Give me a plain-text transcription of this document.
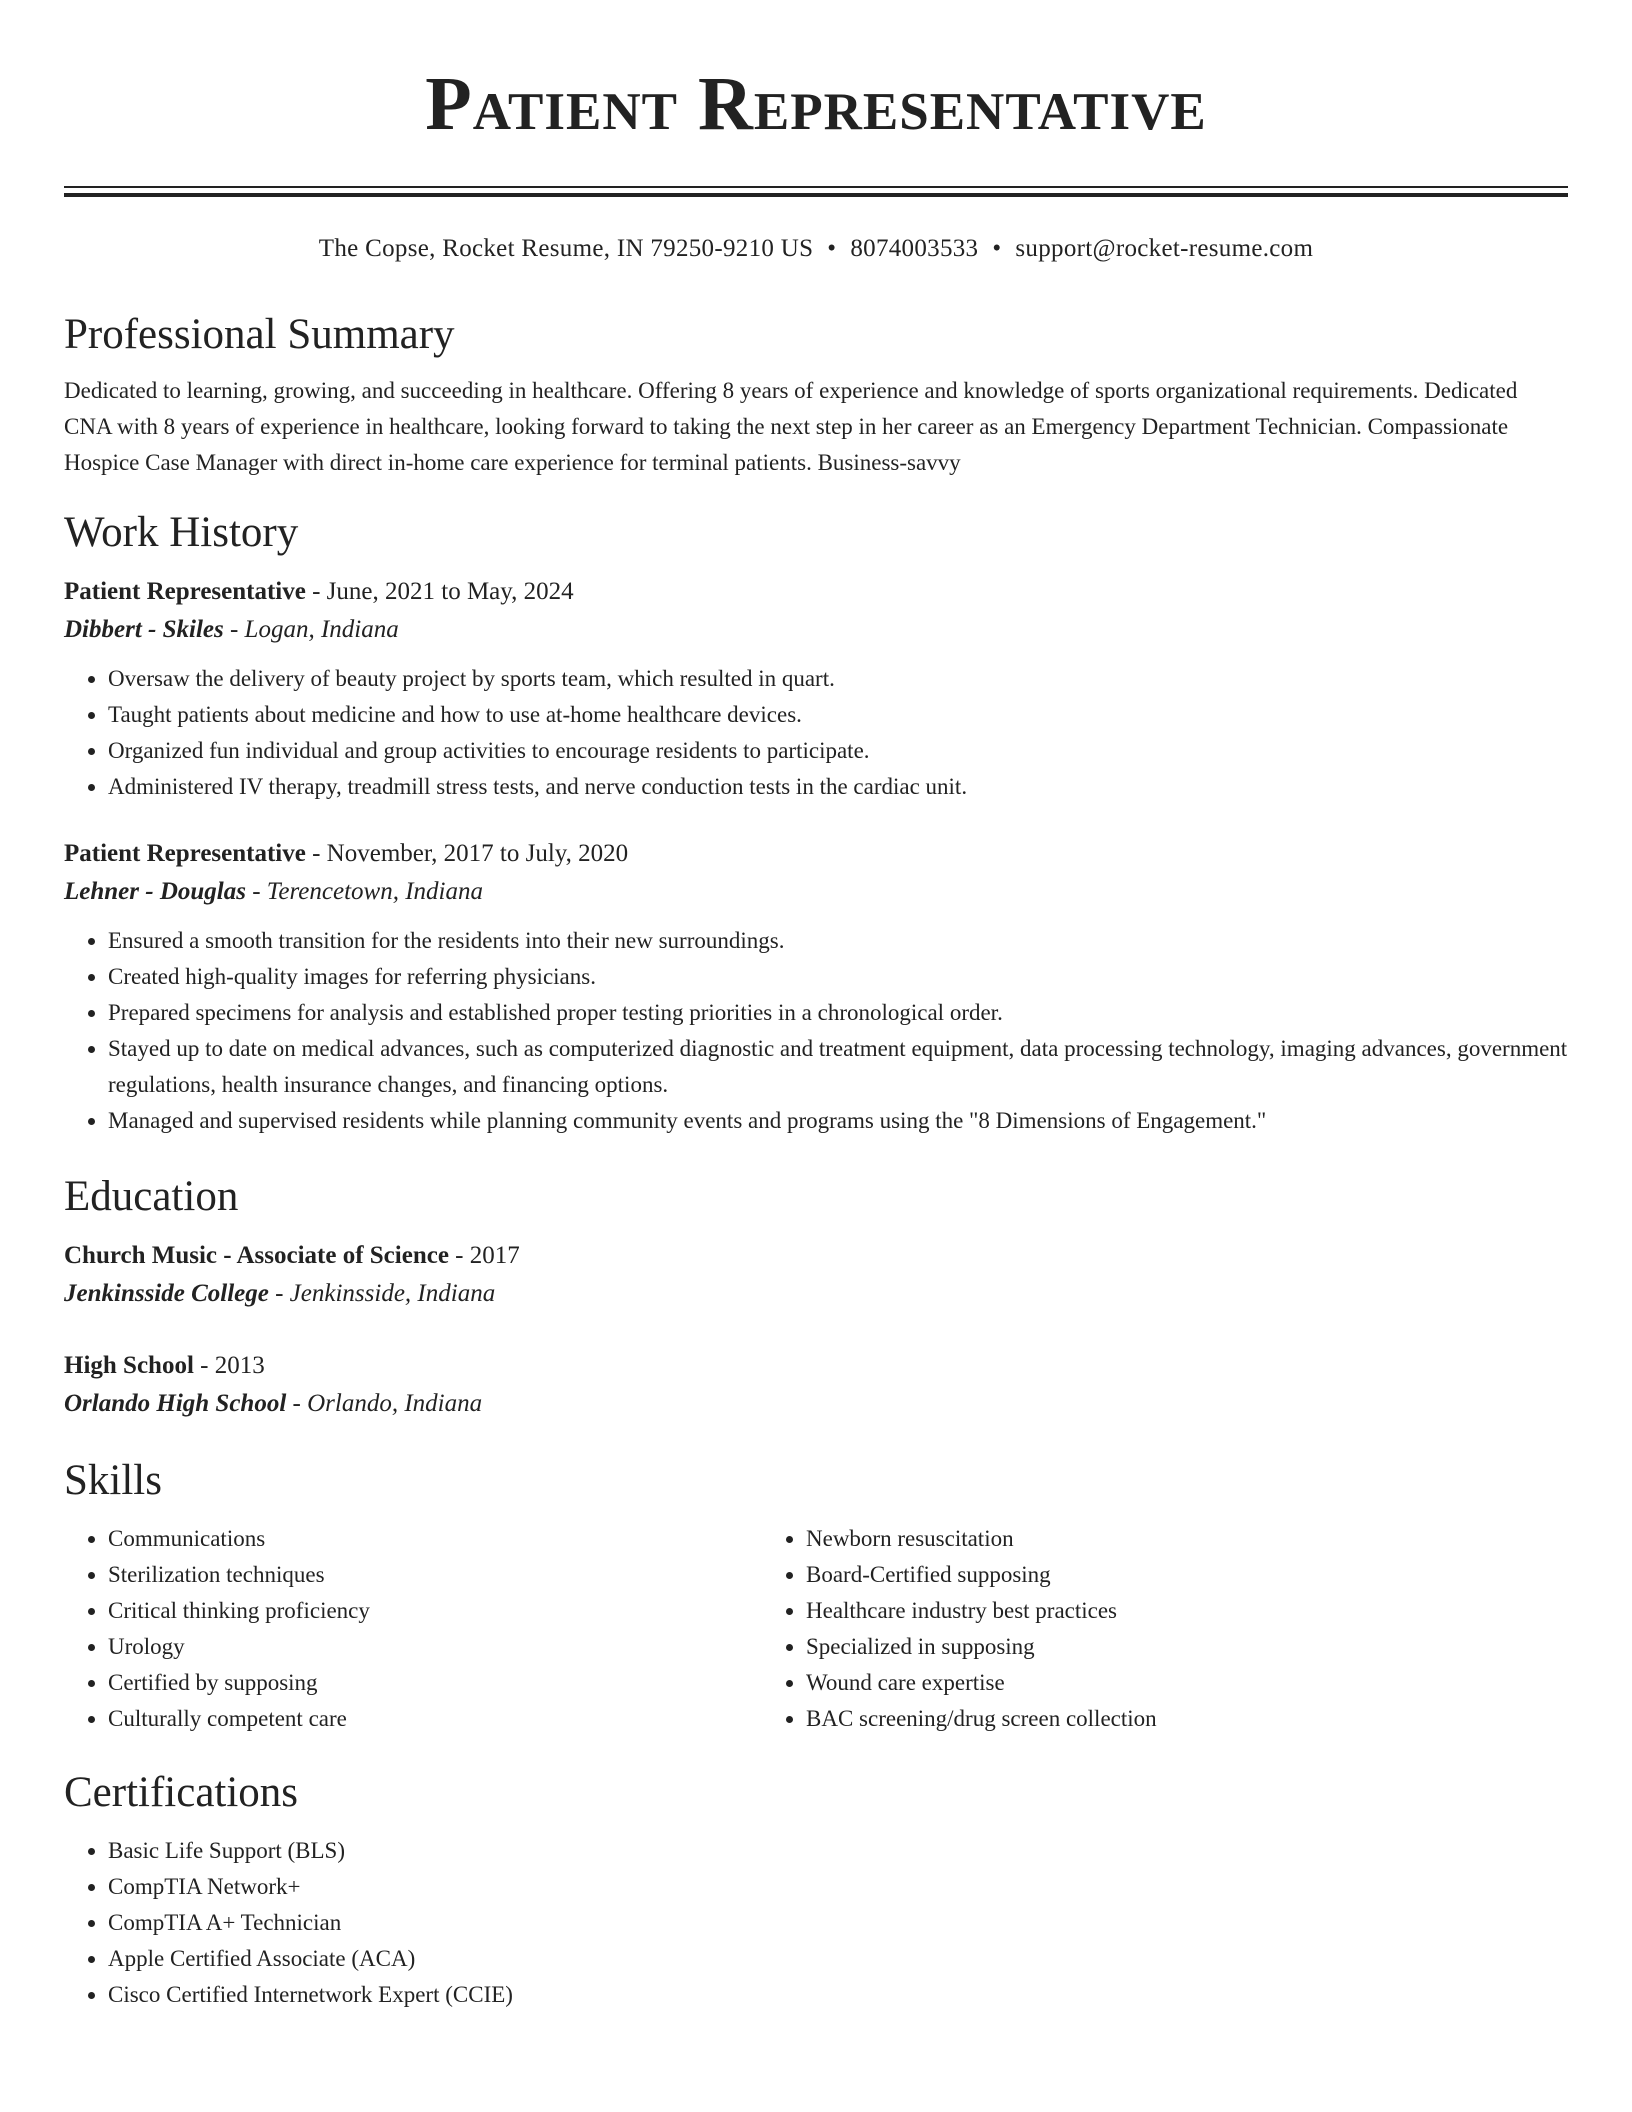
Patient Representative
The Copse, Rocket Resume, IN 79250-9210 US • 8074003533 • support@rocket-resume.com
Professional Summary

Dedicated to learning, growing, and succeeding in healthcare. Offering 8 years of experience and knowledge of sports organizational requirements. Dedicated CNA with 8 years of experience in healthcare, looking forward to taking the next step in her career as an Emergency Department Technician. Compassionate Hospice Case Manager with direct in-home care experience for terminal patients. Business-savvy

Work History
Patient Representative - June, 2021 to May, 2024
Dibbert - Skiles - Logan, Indiana
• Oversaw the delivery of beauty project by sports team, which resulted in quart.
• Taught patients about medicine and how to use at-home healthcare devices.
• Organized fun individual and group activities to encourage residents to participate.
• Administered IV therapy, treadmill stress tests, and nerve conduction tests in the cardiac unit.
Patient Representative - November, 2017 to July, 2020
Lehner - Douglas - Terencetown, Indiana
• Ensured a smooth transition for the residents into their new surroundings.
• Created high-quality images for referring physicians.
• Prepared specimens for analysis and established proper testing priorities in a chronological order.
• Stayed up to date on medical advances, such as computerized diagnostic and treatment equipment, data processing technology, imaging advances, government regulations, health insurance changes, and financing options.
• Managed and supervised residents while planning community events and programs using the "8 Dimensions of Engagement."
Education
Church Music - Associate of Science - 2017
Jenkinsside College - Jenkinsside, Indiana
High School - 2013
Orlando High School - Orlando, Indiana
Skills
• Communications
• Sterilization techniques
• Critical thinking proficiency
• Urology
• Certified by supposing
• Culturally competent care
• Newborn resuscitation
• Board-Certified supposing
• Healthcare industry best practices
• Specialized in supposing
• Wound care expertise
• BAC screening/drug screen collection
Certifications
• Basic Life Support (BLS)
• CompTIA Network+
• CompTIA A+ Technician
• Apple Certified Associate (ACA)
• Cisco Certified Internetwork Expert (CCIE)
